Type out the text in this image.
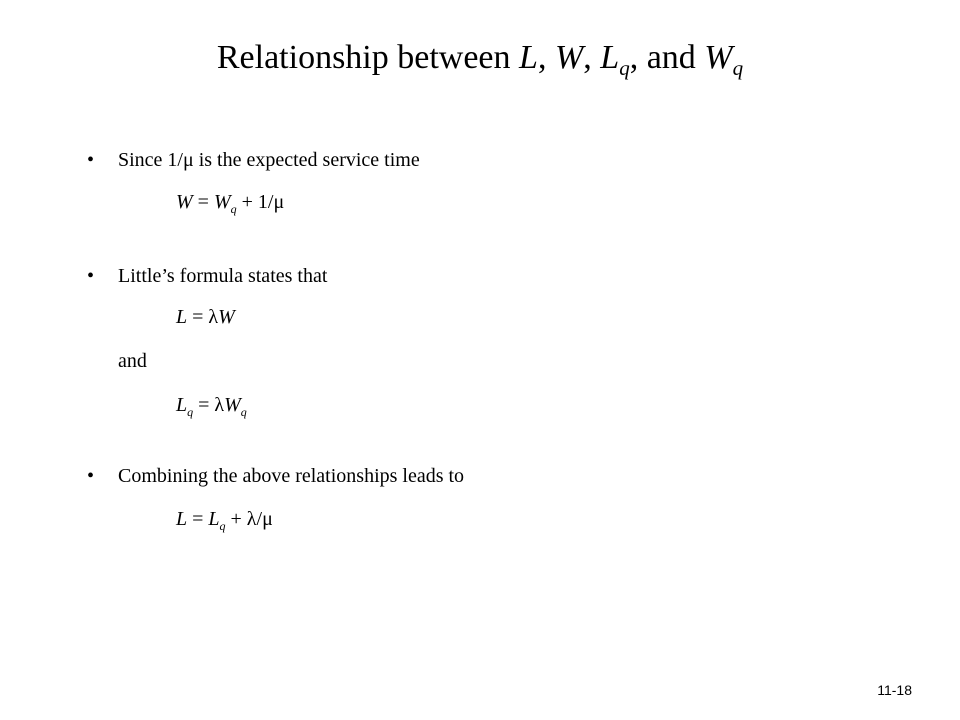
Relationship between L, W, $L_q$, and $W_q$
• Since 1/μ is the expected service time
$W = W_q + 1/\mu$
• Little’s formula states that
L = λW
and
$L_q = \lambda W_q$
• Combining the above relationships leads to
$L = L_q + \lambda/\mu$
11-18
